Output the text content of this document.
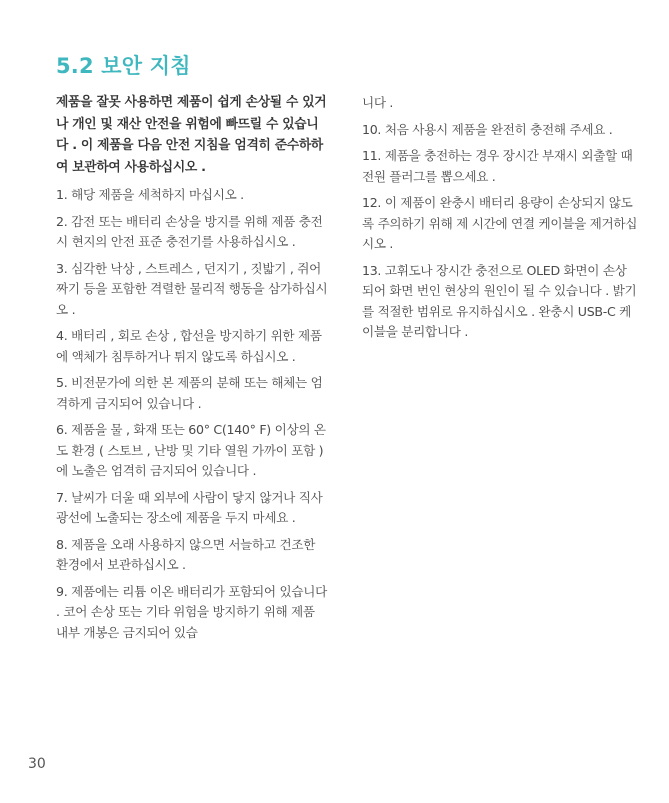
5.2 보안 지침

제품을 잘못 사용하면 제품이 쉽게 손상될 수 있거나 개인 및 재산 안전을 위험에 빠뜨릴 수 있습니다 . 이 제품을 다음 안전 지침을 엄격히 준수하하여 보관하여 사용하십시오 .

1. 해당 제품을 세척하지 마십시오 .

2. 감전 또는 배터리 손상을 방지를 위해 제품 충전시 현지의 안전 표준 충전기를 사용하십시오 .

3. 심각한 낙상 , 스트레스 , 던지기 , 짓밟기 , 쥐어짜기 등을 포함한 격렬한 물리적 행동을 삼가하십시오 .

4. 배터리 , 회로 손상 , 합선을 방지하기 위한 제품에 액체가 침투하거나 튀지 않도록 하십시오 .

5. 비전문가에 의한 본 제품의 분해 또는 해체는 엄격하게 금지되어 있습니다 .

6. 제품을 물 , 화재 또는 60° C(140° F) 이상의 온도 환경 ( 스토브 , 난방 및 기타 열원 가까이 포함 ) 에 노출은 엄격히 금지되어 있습니다 .

7. 날씨가 더울 때 외부에 사람이 닿지 않거나 직사광선에 노출되는 장소에 제품을 두지 마세요 .

8. 제품을 오래 사용하지 않으면 서늘하고 건조한 환경에서 보관하십시오 .

9. 제품에는 리튬 이온 배터리가 포함되어 있습니다 . 코어 손상 또는 기타 위험을 방지하기 위해 제품 내부 개봉은 금지되어 있습

니다 .

10. 처음 사용시 제품을 완전히 충전해 주세요 .

11. 제품을 충전하는 경우 장시간 부재시 외출할 때 전원 플러그를 뽑으세요 .

12. 이 제품이 완충시 배터리 용량이 손상되지 않도록 주의하기 위해 제 시간에 연결 케이블을 제거하십시오 .

13. 고휘도나 장시간 충전으로 OLED 화면이 손상되어 화면 번인 현상의 원인이 될 수 있습니다 . 밝기를 적절한 범위로 유지하십시오 . 완충시 USB-C 케이블을 분리합니다 .

30
